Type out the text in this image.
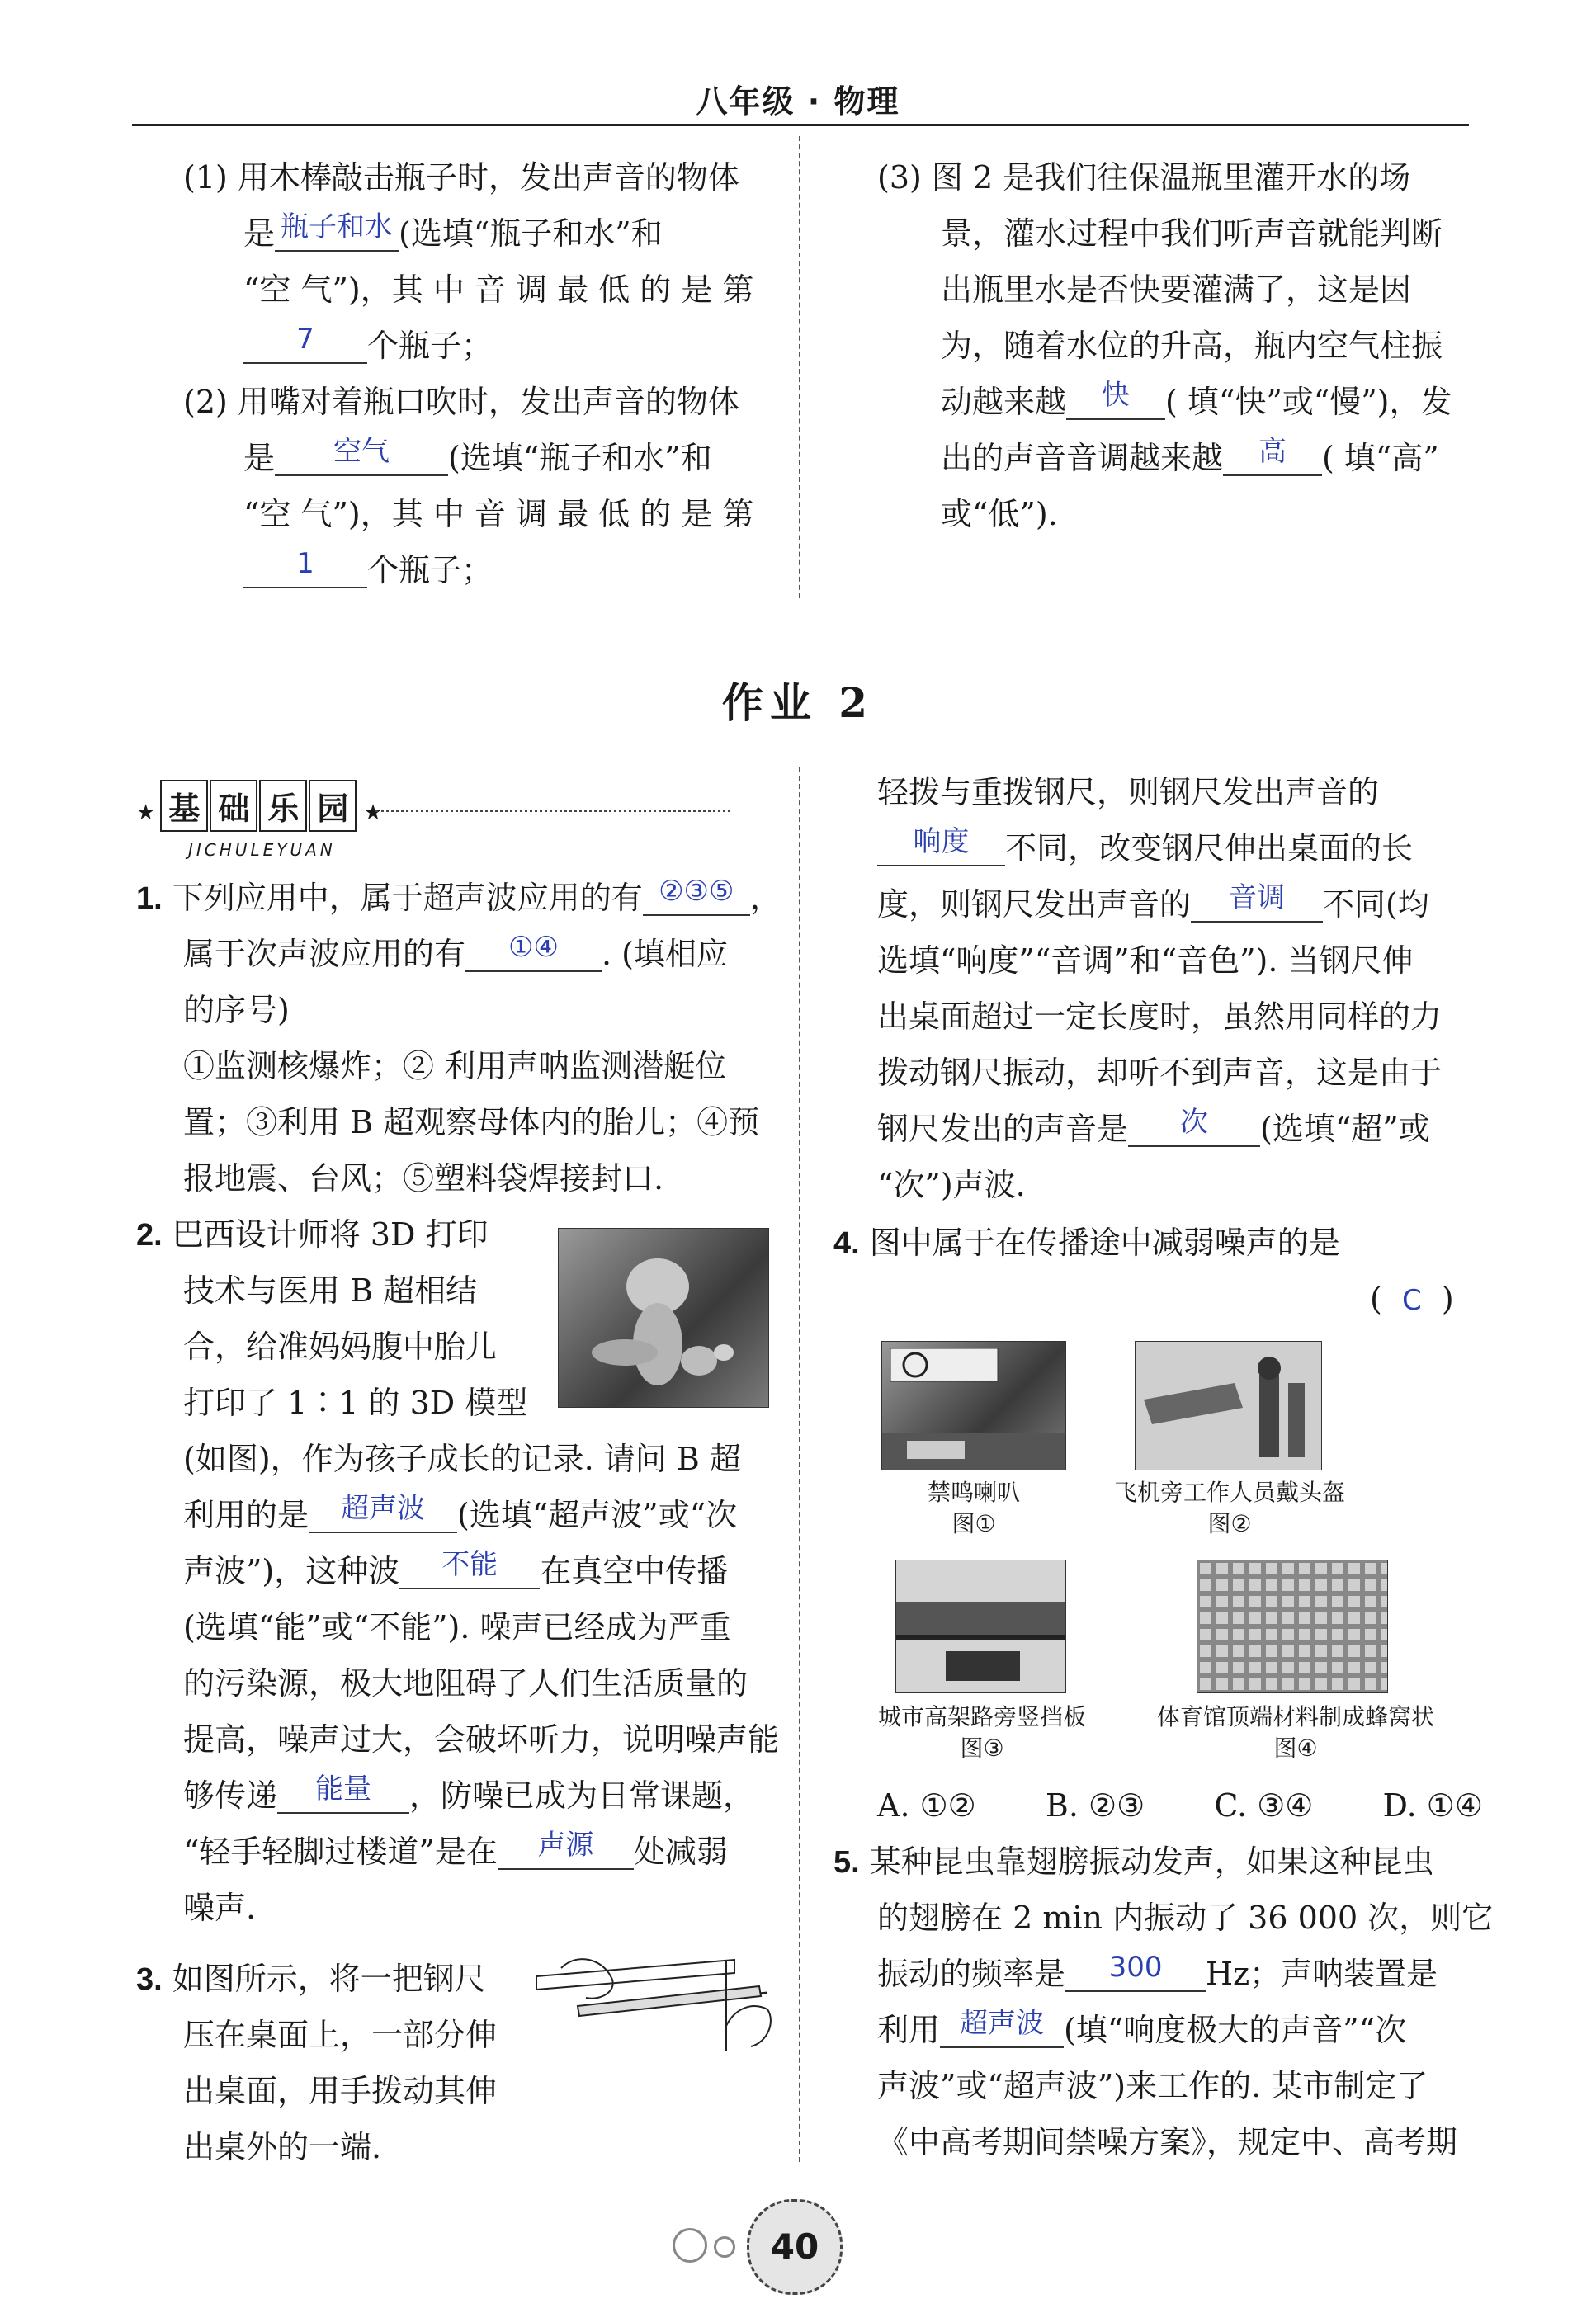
八年级 · 物理
(1) 用木棒敲击瓶子时，发出声音的物体
是 瓶子和水 (选填“瓶子和水”和
“空 气”)，其 中 音 调 最 低 的 是 第
7 个瓶子；
(2) 用嘴对着瓶口吹时，发出声音的物体
是 空气 (选填“瓶子和水”和
“空 气”)，其 中 音 调 最 低 的 是 第
1 个瓶子；
(3) 图 2 是我们往保温瓶里灌开水的场
景，灌水过程中我们听声音就能判断
出瓶里水是否快要灌满了，这是因
为，随着水位的升高，瓶内空气柱振
动越来越 快 ( 填“快”或“慢”)，发
出的声音音调越来越 高 ( 填“高”
或“低”).
作业 2
★ 基 础 乐 园 ★
JICHULEYUAN
1. 下列应用中，属于超声波应用的有 ②③⑤ ，
属于次声波应用的有 ①④ . (填相应
的序号)
①监测核爆炸；② 利用声呐监测潜艇位
置；③利用 B 超观察母体内的胎儿；④预
报地震、台风；⑤塑料袋焊接封口.
2. 巴西设计师将 3D 打印
技术与医用 B 超相结
合，给准妈妈腹中胎儿
打印了 1∶1 的 3D 模型
(如图)，作为孩子成长的记录. 请问 B 超
利用的是 超声波 (选填“超声波”或“次
声波”)，这种波 不能 在真空中传播
(选填“能”或“不能”). 噪声已经成为严重
的污染源，极大地阻碍了人们生活质量的
提高，噪声过大，会破坏听力，说明噪声能
够传递 能量 ，防噪已成为日常课题，
“轻手轻脚过楼道”是在 声源 处减弱
噪声.
3. 如图所示，将一把钢尺
压在桌面上，一部分伸
出桌面，用手拨动其伸
出桌外的一端.
轻拨与重拨钢尺，则钢尺发出声音的
响度 不同，改变钢尺伸出桌面的长
度，则钢尺发出声音的 音调 不同(均
选填“响度”“音调”和“音色”). 当钢尺伸
出桌面超过一定长度时，虽然用同样的力
拨动钢尺振动，却听不到声音，这是由于
钢尺发出的声音是 次 (选填“超”或
“次”)声波.
4. 图中属于在传播途中减弱噪声的是
( C )
禁鸣喇叭
图①
飞机旁工作人员戴头盔
图②
城市高架路旁竖挡板
图③
体育馆顶端材料制成蜂窝状
图④
A. ①② B. ②③ C. ③④ D. ①④
5. 某种昆虫靠翅膀振动发声，如果这种昆虫
的翅膀在 2 min 内振动了 36 000 次，则它
振动的频率是 300 Hz；声呐装置是
利用 超声波 (填“响度极大的声音”“次
声波”或“超声波”)来工作的. 某市制定了
《中高考期间禁噪方案》，规定中、高考期
40
